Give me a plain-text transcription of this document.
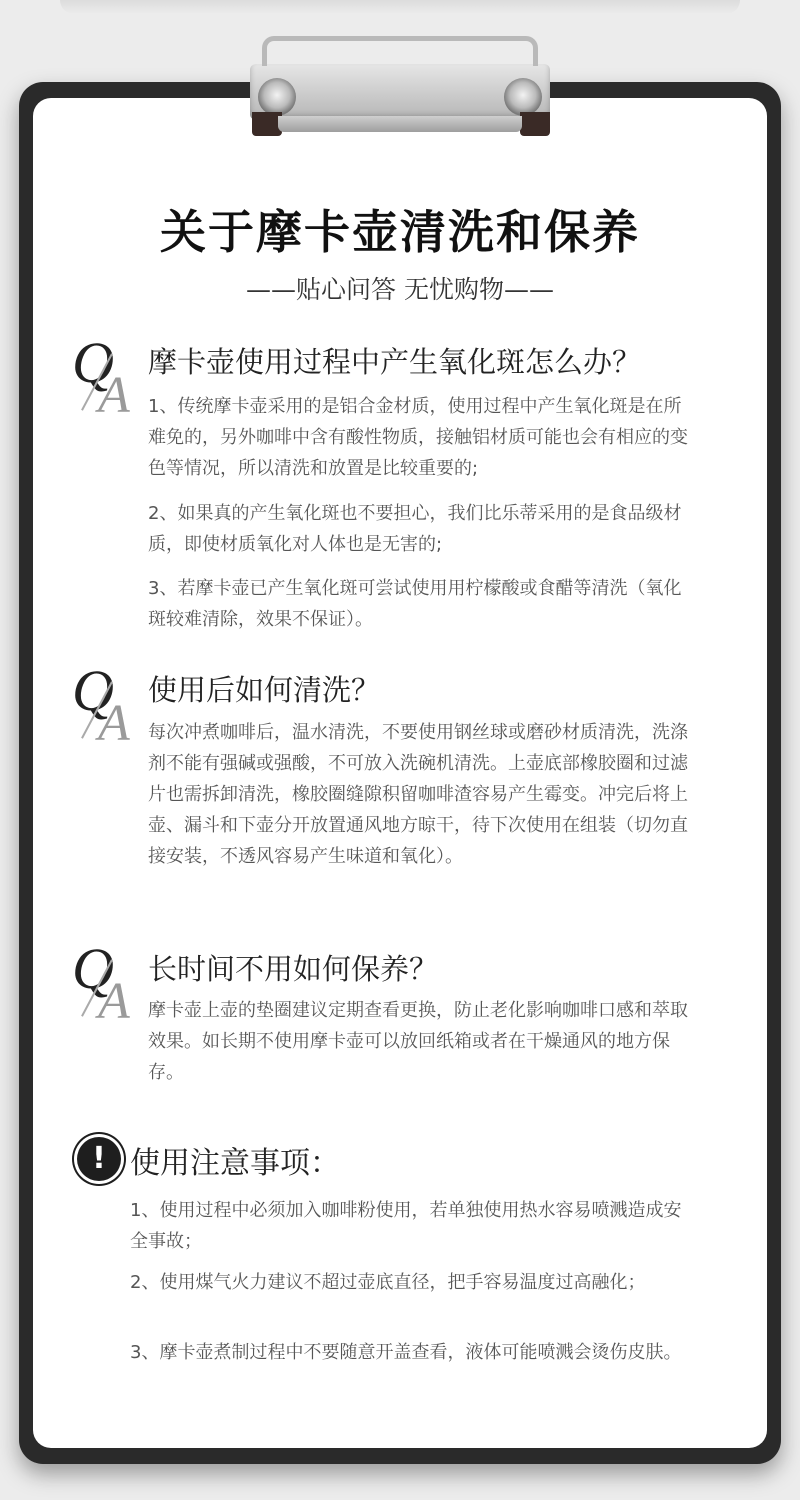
关于摩卡壶清洗和保养
——贴心问答 无忧购物——
Q
A
摩卡壶使用过程中产生氧化斑怎么办？

1、传统摩卡壶采用的是铝合金材质，使用过程中产生氧化斑是在所难免的，另外咖啡中含有酸性物质，接触铝材质可能也会有相应的变色等情况，所以清洗和放置是比较重要的;

2、如果真的产生氧化斑也不要担心，我们比乐蒂采用的是食品级材质，即使材质氧化对人体也是无害的;

3、若摩卡壶已产生氧化斑可尝试使用用柠檬酸或食醋等清洗（氧化斑较难清除，效果不保证）。

Q
A
使用后如何清洗？

每次冲煮咖啡后，温水清洗，不要使用钢丝球或磨砂材质清洗，洗涤剂不能有强碱或强酸，不可放入洗碗机清洗。上壶底部橡胶圈和过滤片也需拆卸清洗，橡胶圈缝隙积留咖啡渣容易产生霉变。冲完后将上壶、漏斗和下壶分开放置通风地方晾干，待下次使用在组装（切勿直接安装，不透风容易产生味道和氧化）。

Q
A
长时间不用如何保养？

摩卡壶上壶的垫圈建议定期查看更换，防止老化影响咖啡口感和萃取效果。如长期不使用摩卡壶可以放回纸箱或者在干燥通风的地方保存。

! 使用注意事项：

1、使用过程中必须加入咖啡粉使用，若单独使用热水容易喷溅造成安全事故；

2、使用煤气火力建议不超过壶底直径，把手容易温度过高融化；

3、摩卡壶煮制过程中不要随意开盖查看，液体可能喷溅会烫伤皮肤。
